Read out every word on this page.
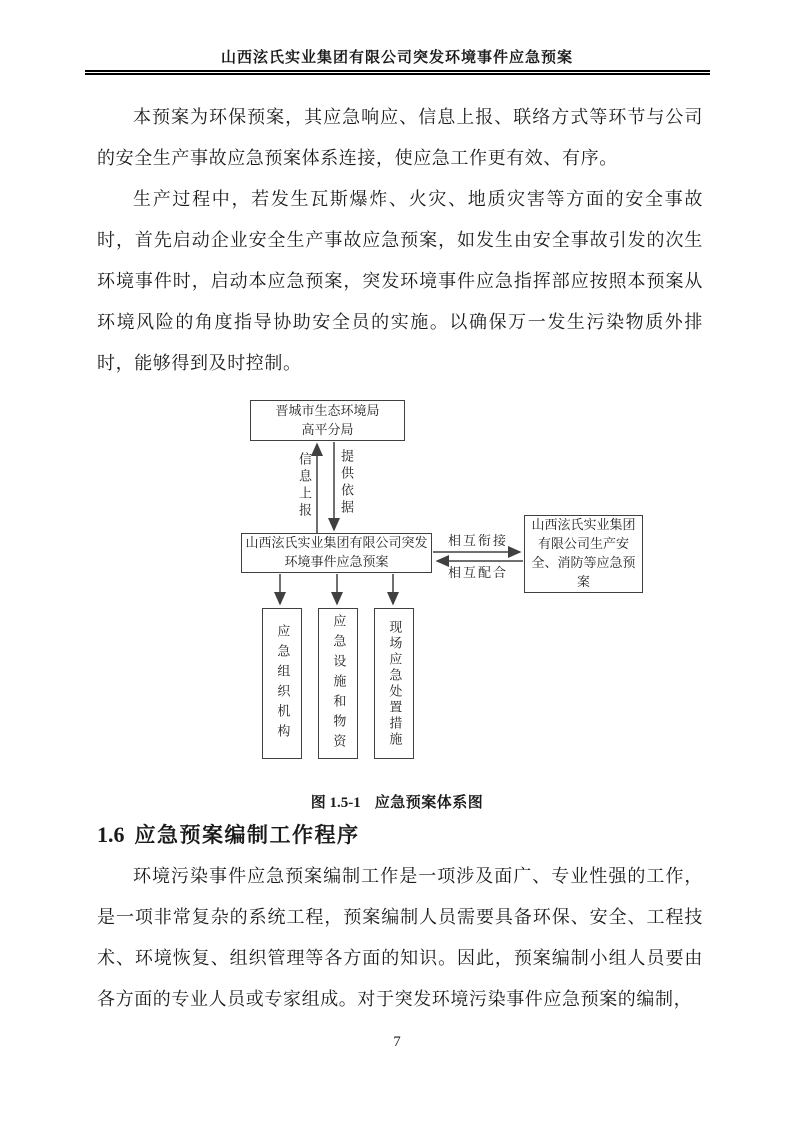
山西泫氏实业集团有限公司突发环境事件应急预案

本预案为环保预案，其应急响应、信息上报、联络方式等环节与公司的安全生产事故应急预案体系连接，使应急工作更有效、有序。

生产过程中，若发生瓦斯爆炸、火灾、地质灾害等方面的安全事故时，首先启动企业安全生产事故应急预案，如发生由安全事故引发的次生环境事件时，启动本应急预案，突发环境事件应急指挥部应按照本预案从环境风险的角度指导协助安全员的实施。以确保万一发生污染物质外排时，能够得到及时控制。

晋城市生态环境局
高平分局
信息上报 提供依据
山西泫氏实业集团有限公司突发环境事件应急预案
相互衔接
相互配合
山西泫氏实业集团有限公司生产安全、消防等应急预案
应急组织机构	应急设施和物资	现场应急处置措施
图 1.5-1 应急预案体系图
1.6 应急预案编制工作程序

环境污染事件应急预案编制工作是一项涉及面广、专业性强的工作，是一项非常复杂的系统工程，预案编制人员需要具备环保、安全、工程技术、环境恢复、组织管理等各方面的知识。因此，预案编制小组人员要由各方面的专业人员或专家组成。对于突发环境污染事件应急预案的编制，

7
